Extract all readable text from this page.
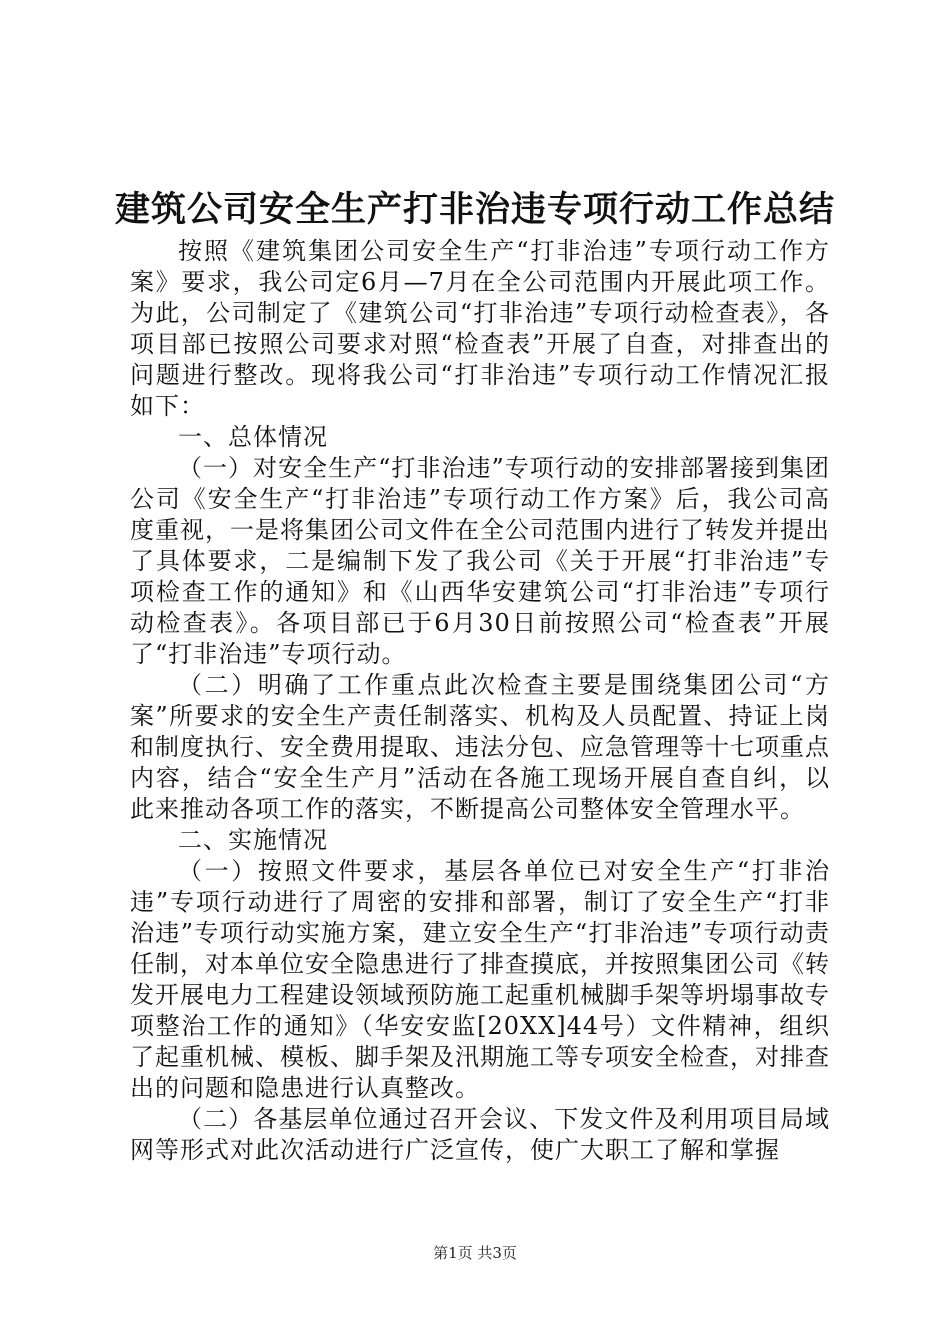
建筑公司安全生产打非治违专项行动工作总结

按照《建筑集团公司安全生产“打非治违”专项行动工作方案》要求，我公司定6月—7月在全公司范围内开展此项工作。为此，公司制定了《建筑公司“打非治违”专项行动检查表》，各项目部已按照公司要求对照“检查表”开展了自查，对排查出的问题进行整改。现将我公司“打非治违”专项行动工作情况汇报如下：

一、总体情况

（一）对安全生产“打非治违”专项行动的安排部署接到集团公司《安全生产“打非治违”专项行动工作方案》后，我公司高度重视，一是将集团公司文件在全公司范围内进行了转发并提出了具体要求，二是编制下发了我公司《关于开展“打非治违”专项检查工作的通知》和《山西华安建筑公司“打非治违”专项行动检查表》。各项目部已于6月30日前按照公司“检查表”开展了“打非治违”专项行动。

（二）明确了工作重点此次检查主要是围绕集团公司“方案”所要求的安全生产责任制落实、机构及人员配置、持证上岗和制度执行、安全费用提取、违法分包、应急管理等十七项重点内容，结合“安全生产月”活动在各施工现场开展自查自纠，以此来推动各项工作的落实，不断提高公司整体安全管理水平。

二、实施情况

（一）按照文件要求，基层各单位已对安全生产“打非治违”专项行动进行了周密的安排和部署，制订了安全生产“打非治违”专项行动实施方案，建立安全生产“打非治违”专项行动责任制，对本单位安全隐患进行了排查摸底，并按照集团公司《转发开展电力工程建设领域预防施工起重机械脚手架等坍塌事故专项整治工作的通知》（华安安监[20XX]44号）文件精神，组织了起重机械、模板、脚手架及汛期施工等专项安全检查，对排查出的问题和隐患进行认真整改。

（二）各基层单位通过召开会议、下发文件及利用项目局域网等形式对此次活动进行广泛宣传，使广大职工了解和掌握

第1页 共3页
